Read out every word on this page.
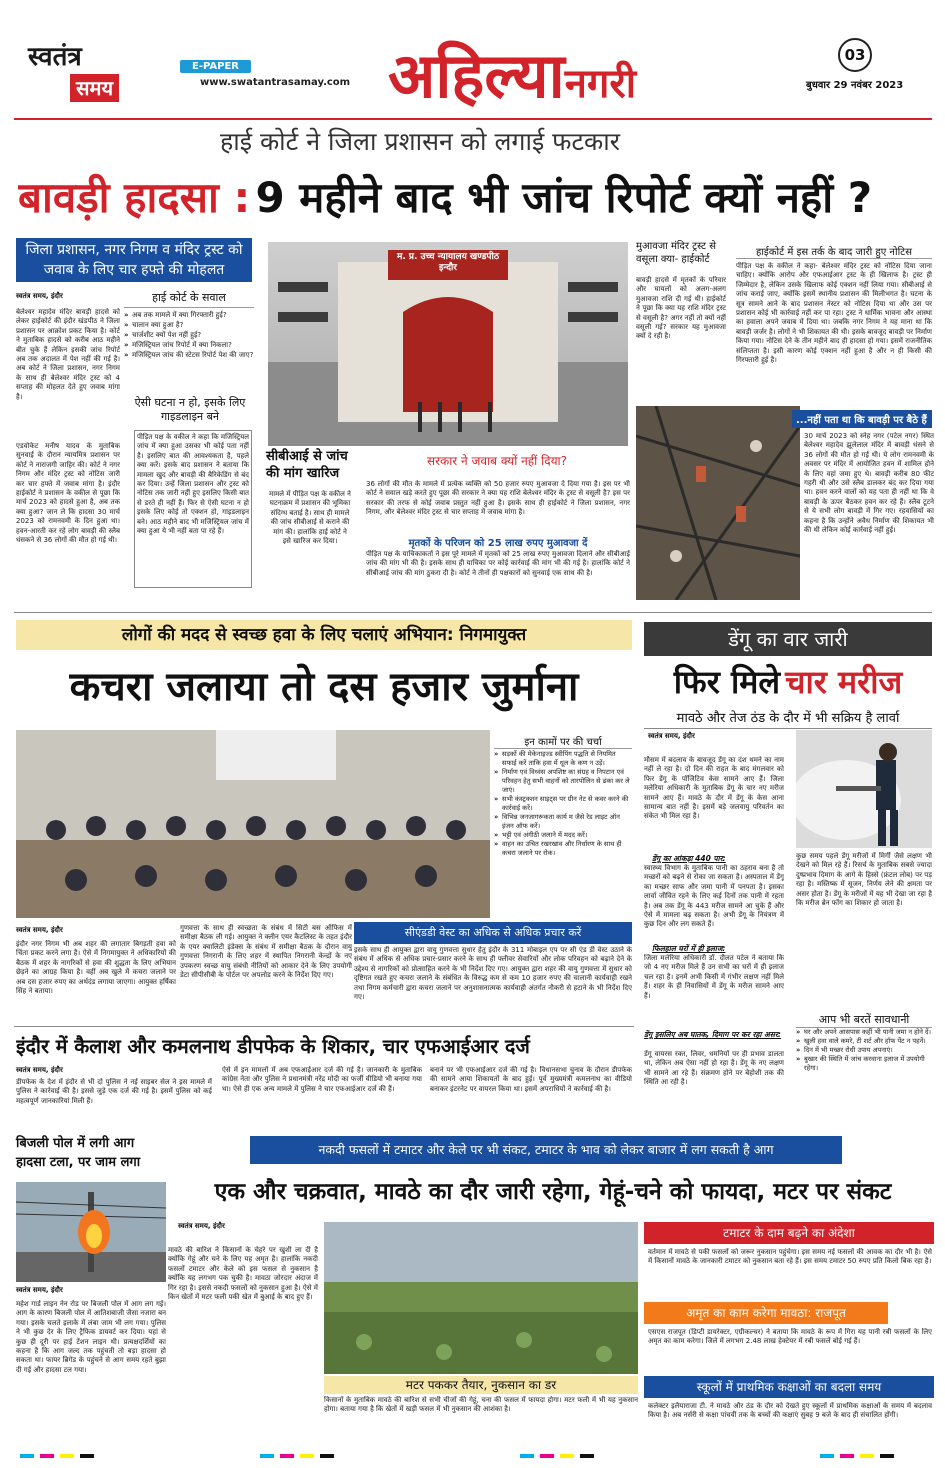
स्वतंत्र
समय
E-PAPER
www.swatantrasamay.com अहिल्यानगरी
03
बुधवार 29 नवंबर 2023
हाई कोर्ट ने जिला प्रशासन को लगाई फटकार
बावड़ी हादसा : 9 महीने बाद भी जांच रिपोर्ट क्यों नहीं ?
जिला प्रशासन, नगर निगम व मंदिर ट्रस्ट को जवाब के लिए चार हफ्ते की मोहलत
स्वतंत्र समय, इंदौर

बेलेश्वर महादेव मंदिर बावड़ी हादसे को लेकर हाईकोर्ट की इंदौर खंडपीठ ने जिला प्रशासन पर आक्रोश प्रकट किया है। कोर्ट ने मुताबिक हादसे को करीब आठ महीने बीत चुके हैं लेकिन इसकी जांच रिपोर्ट अब तक अदालत में पेश नहीं की गई है। अब कोर्ट ने जिला प्रशासन, नगर निगम के साथ ही बेलेश्वर मंदिर ट्रस्ट को 4 सप्ताह की मोहलत देते हुए जवाब मांगा है।

एडवोकेट मनीष यादव के मुताबिक सुनवाई के दौरान न्यायमित्र प्रशासन पर कोर्ट ने नाराजगी जाहिर की। कोर्ट ने नगर निगम और मंदिर ट्रस्ट को नोटिस जारी कर चार हफ्ते में जवाब मांगा है। इंदौर हाईकोर्ट ने प्रशासन के वकील से पूछा कि मार्च 2023 को हादसे हुआ है, अब तक क्या हुआ? जान ले कि हादसा 30 मार्च 2023 को रामनवमी के दिन हुआ था। हवन-आरती कर रहे लोग बावड़ी की स्लैब धंसकने से 36 लोगों की मौत हो गई थी।

हाई कोर्ट के सवाल
» अब तक मामले में क्या गिरफ्तारी हुई?
» चालान क्या हुआ है?
» चार्जशीट क्यों पेश नहीं हुई?
» मजिस्ट्रियल जांच रिपोर्ट में क्या निकला?
» मजिस्ट्रियल जांच की स्टेटस रिपोर्ट पेश की जाए?
ऐसी घटना न हो, इसके लिए गाइडलाइन बने

पीड़ित पक्ष के वकील ने कहा कि मजिस्ट्रियल जांच में क्या हुआ उसका भी कोई पता नहीं है। इसलिए बात की आवश्यकता है, पहले क्या करें। इसके बाद प्रशासन ने बताया कि मामला खुद और बावड़ी की बैरिकेडिंग से बंद कर दिया। उन्हें जिला प्रशासन और ट्रस्ट को नोटिस तक जारी नहीं हुए इसलिए किसी बात से डरते ही नहीं हैं। फिर से ऐसी घटना न हो इसके लिए कोई तो एक्शन हो, गाइडलाइन बने। आठ महीने बाद भी मजिस्ट्रियल जांच में क्या हुआ ये भी नहीं बता पा रहे हैं।

म. प्र. उच्च न्यायालय खण्डपीठ इन्दौर
सीबीआई से जांच की मांग खारिज

मामले में पीड़ित पक्ष के वकील ने घटनाक्रम में प्रशासन की भूमिका संदिग्ध बताई है। साथ ही मामले की जांच सीबीआई से कराने की मांग की। हालांकि हाई कोर्ट ने इसे खारिज कर दिया।

सरकार ने जवाब क्यों नहीं दिया?

36 लोगों की मौत के मामले में प्रत्येक व्यक्ति को 50 हजार रुपए मुआवजा दे दिया गया है। इस पर भी कोर्ट ने सवाल खड़े करते हुए पूछा की सरकार ने क्या यह राशि बेलेश्वर मंदिर के ट्रस्ट से वसूली है? इस पर सरकार की तरफ से कोई जवाब प्रस्तुत नहीं हुआ है। इसके साथ ही हाईकोर्ट ने जिला प्रशासन, नगर निगम, और बेलेश्वर मंदिर ट्रस्ट से चार सप्ताह में जवाब मांगा है।

मृतकों के परिजन को 25 लाख रुपए मुआवजा दें

पीड़ित पक्ष के याचिकाकर्ता ने इस पूरे मामले में मृतकों को 25 लाख रुपए मुआवजा दिलाने और सीबीआई जांच की मांग भी की है। इसके साथ ही याचिका पर कोई कार्रवाई की मांग भी की गई है। हालांकि कोर्ट ने सीबीआई जांच की मांग ठुकरा दी है। कोर्ट ने तीनों ही पक्षकारों को सुनवाई एक साथ की है।

मुआवजा मंदिर ट्रस्ट से वसूला क्या- हाईकोर्ट

बावड़ी हादसे में मृतकों के परिवार और घायलों को अलग-अलग मुआवजा राशि दी गई थी। हाईकोर्ट ने पूछा कि क्या यह राशि मंदिर ट्रस्ट से वसूली है? अगर नहीं तो क्यों नहीं वसूली गई? सरकार यह मुआवजा क्यों दे रही है।

हाईकोर्ट में इस तर्क के बाद जारी हुए नोटिस

पीड़ित पक्ष के वकील ने कहा- बेलेश्वर मंदिर ट्रस्ट को नोटिस दिया जाना चाहिए। क्योंकि आरोप और एफआईआर ट्रस्ट के ही खिलाफ है। ट्रस्ट ही जिम्मेदार है, लेकिन उसके खिलाफ कोई एक्शन नहीं लिया गया। सीबीआई से जांच कराई जाए, क्योंकि इसमें स्थानीय प्रशासन की मिलीभगत है। घटना के सूत्र सामने आने के बाद प्रशासन नेस्टर को नोटिस दिया था और उस पर प्रशासन कोई भी कार्रवाई नहीं कर पा रहा। ट्रस्ट ने धार्मिक भावना और आस्था का हवाला अपने जवाब में दिया था। जबकि नगर निगम ने यह माना था कि बावड़ी जर्जर है। लोगों ने भी शिकायत की थी। इसके बावजूद बावड़ी पर निर्माण किया गया। नोटिस देने के तीन महीने बाद ही हादसा हो गया। इसमें राजनीतिक संलिप्तता है। इसी कारण कोई एक्शन नहीं हुआ है और न ही किसी की गिरफ्तारी हुई है।

...नहीं पता था कि बावड़ी पर बैठे हैं

30 मार्च 2023 को स्नेह नगर (पटेल नगर) स्थित बेलेश्वर महादेव झूलेलाल मंदिर में बावड़ी धंसने से 36 लोगों की मौत हो गई थी। ये लोग रामनवमी के अवसर पर मंदिर में आयोजित हवन में शामिल होने के लिए वहां जमा हुए थे। बावड़ी करीब 80 फीट गहरी थी और उसे स्लैब डालकर बंद कर दिया गया था। हवन करने वालों को यह पता ही नहीं था कि वे बावड़ी के ऊपर बैठकर हवन कर रहे हैं। स्लैब टूटने से ये सभी लोग बावड़ी में गिर गए। रहवासियों का कहना है कि उन्होंने अवैध निर्माण की शिकायत भी की थी लेकिन कोई कार्रवाई नहीं हुई।

लोगों की मदद से स्वच्छ हवा के लिए चलाएं अभियान: निगमायुक्त
कचरा जलाया तो दस हजार जुर्माना
इन कामों पर की चर्चा
» सड़कों की मेकेनाइज्ड स्वीपिंग पद्धति से नियमित सफाई करें ताकि हवा में धूल के कण न उड़ें।
» निर्माण एवं विध्वंस अपशिष्ट का संग्रह व निपटान एवं परिवहन हेतु सभी वाहनों को तारपोलिन से ढंका कर ले जाएं।
» सभी कंस्ट्रक्शन साइट्स पर ग्रीन नेट से कवर करने की कार्रवाई करें।
» विभिन्न जनजागरूकता कार्य म जैसे रेड लाइट ऑन इंजन ऑफ करें।
» भट्टी एवं अंगीठी जलाने में मदद करें।
» वाहन का उचित रखरखाव और निर्धारण के साथ ही कचरा जलाने पर रोक।
स्वतंत्र समय, इंदौर

इंदौर नगर निगम भी अब शहर की लगातार बिगड़ती हवा को चिंता प्रकट करने लगा है। ऐसे में निगमायुक्त ने अधिकारियों की बैठक में शहर के नागरिकों से हवा की शुद्धता के लिए अभियान छेड़ने का आग्रह किया है। वहीं अब खुले में कचरा जलाने पर अब दस हजार रुपए का अर्थदंड लगाया जाएगा। आयुक्त हर्षिका सिंह ने बताया।

गुणवत्ता के साथ ही स्वच्छता के संबंध में सिटी बस ऑफिस में समीक्षा बैठक ली गई। आयुक्त ने क्लीन एयर कैटलिस्ट के तहत इंदौर के एयर क्वालिटी इंडेक्स के संबंध में समीक्षा बैठक के दौरान वायु गुणवत्ता निगरानी के लिए शहर में स्थापित निगरानी केन्द्रों के नए उपकरण स्वच्छ वायु संबंधी नीतियों को आकार देने के लिए उपयोगी डेटा सीपीसीबी के पोर्टल पर अपलोड करने के निर्देश दिए गए।

सीएंडडी वेस्ट का अधिक से अधिक प्रचार करें

इसके साथ ही आयुक्त द्वारा वायु गुणवत्ता सुधार हेतु इंदौर के 311 मोबाइल एप पर सी एंड डी वेस्ट उठाने के संबंध में अधिक से अधिक प्रचार-प्रसार करने के साथ ही फ्लीवर सेवारियों और लोक परिवहन को बढ़ाने देने के उद्देश्य से नागरिकों को प्रोत्साहित करने के भी निर्देश दिए गए। आयुक्त द्वारा शहर की वायु गुणवत्ता में सुधार को दृष्टिगत रखते हुए कचरा जलाने के संबंधित के विरुद्ध कम से कम 10 हजार रुपए की चालानी कार्यवाही रखने तथा निगम कर्मचारी द्वारा कचरा जलाने पर अनुशासनात्मक कार्यवाही अंतर्गत नौकरी से हटाने के भी निर्देश दिए गए।

डेंगू का वार जारी
फिर मिले चार मरीज
मावठे और तेज ठंड के दौर में भी सक्रिय है लार्वा
स्वतंत्र समय, इंदौर

मौसम में बदलाव के बावजूद डेंगू का दंश थमने का नाम नहीं ले रहा है। दो दिन की राहत के बाद मंगलवार को फिर डेंगू के पॉजिटिव केस सामने आए हैं। जिला मलेरिया अधिकारी के मुताबिक डेंगू के चार नए मरीज सामने आए हैं। मावठे के दौर में डेंगू के केस आना सामान्य बात नहीं है। इसमें बड़े जलवायु परिवर्तन का संकेत भी मिल रहा है।

डेंगू का आंकड़ा 440 पार:

स्वास्थ्य विभाग के मुताबिक पानी का ठहराव बना है तो मच्छरों को बढ़ने से रोका जा सकता है। अस्पताल में डेंगू का मच्छर साफ और जमा पानी में पनपता है। इसका लार्वा जीवित रहने के लिए कई दिनों तक पानी में रहता है। अब तक डेंगू के 443 मरीज सामने आ चुके हैं और ऐसे में मामला बढ़ सकता है। अभी डेंगू के नियंत्रण में कुछ दिन और लग सकते हैं।

फिलहाल घरों में ही इलाज:

जिला मलेरिया अधिकारी डॉ. दौलत पटेल ने बताया कि जो 4 नए मरीज मिले हैं उन सभी का घरों में ही इलाज चल रहा है। इनमें अभी किसी में गंभीर लक्षण नहीं मिले हैं। शहर के ही निवासियों में डेंगू के मरीज सामने आए हैं।

डेंगू इसलिए अब घातक, दिमाग पर कर रहा असर:

डेंगू वायरस रक्त, लिवर, धमनियों पर ही प्रभाव डालता था, लेकिन अब ऐसा नहीं हो रहा है। डेंगू के नए लक्षण भी सामने आ रहे हैं। संक्रमण होने पर बेहोशी तक की स्थिति आ रही है।

कुछ समय पहले डेंगू मरीजों में मिर्गी जैसे लक्षण भी देखने को मिल रहे हैं। रिसर्च के मुताबिक सबसे ज्यादा दुष्प्रभाव दिमाग के आगे के हिस्से (फ्रंटल लोब) पर पड़ रहा है। मस्तिष्क में सूजन, निर्णय लेने की क्षमता पर असर होता है। डेंगू के मरीजों में यह भी देखा जा रहा है कि मरीज ब्रेन फॉग का शिकार हो जाता है।

आप भी बरतें सावधानी
» घर और अपने आसपास कहीं भी पानी जमा न होने दें।
» खुली हवा वाले कमरे, टी शर्ट और हॉफ पेंट न पहनें।
» दिन में भी मच्छर रोधी उपाय अपनाएं।
» बुखार की स्थिति में जांच करवाना इलाज में उपयोगी रहेगा।
इंदौर में कैलाश और कमलनाथ डीपफेक के शिकार, चार एफआईआर दर्ज
स्वतंत्र समय, इंदौर

डीपफेक के देश में इंदौर से भी दो पुलिस ने नई साइबर सेल ने इस मामले में पुलिस ने कार्रवाई की है। इससे जुड़े एक दर्ज की गई है। इसमें पुलिस को कई महत्वपूर्ण जानकारियां मिली हैं।

ऐसे में इन मामलों में अब एफआईआर दर्ज की गई है। जानकारी के मुताबिक कांग्रेस नेता और पुलिस ने प्रधानमंत्री नरेंद्र मोदी का फर्जी वीडियो भी बनाया गया था। ऐसे ही एक अन्य मामले में पुलिस ने चार एफआईआर दर्ज की हैं।

बनाने पर भी एफआईआर दर्ज की गई है। विधानसभा चुनाव के दौरान डीपफेक की सामने आया शिकायतों के बाद हुई। पूर्व मुख्यमंत्री कमलनाथ का वीडियो बनाकर इंटरनेट पर वायरल किया था। इसमें अपराधियों ने कार्रवाई की है।

नकदी फसलों में टमाटर और केले पर भी संकट, टमाटर के भाव को लेकर बाजार में लग सकती है आग
एक और चक्रवात, मावठे का दौर जारी रहेगा, गेहूं-चने को फायदा, मटर पर संकट
बिजली पोल में लगी आग हादसा टला, पर जाम लगा
स्वतंत्र समय, इंदौर

महेश गार्ड लाइन नेन रोड पर बिजली पोल में आग लग गई। आग के कारण बिजली पोल में आतिशबाजी जैसा नजारा बन गया। इसके चलते इलाके में लंबा जाम भी लग गया। पुलिस ने भी कुछ देर के लिए ट्रैफिक डायवर्ट कर दिया। यहां से कुछ ही दूरी पर हाई टेंशन लाइन थी। प्रत्यक्षदर्शियों का कहना है कि आग जल्द तक पहुंचती तो बड़ा हादसा हो सकता था। फायर ब्रिगेड के पहुंचने से आग समय रहते बुझा दी गई और हादसा टल गया।

स्वतंत्र समय, इंदौर

मावठे की बारिश ने किसानों के चेहरे पर खुशी ला दी है क्योंकि गेहूं और चने के लिए यह अमृत है। हालांकि नकदी फसलों टमाटर और केले को इस फसल से नुकसान है क्योंकि यह लगभग पक चुकी है। मावठा जोरदार अंदाज में गिर रहा है। इससे नकदी फसलों को नुकसान हुआ है। ऐसे में किन खेतों में मटर फली पकी खेत में बुआई के बाद हुए हैं।

मटर पककर तैयार, नुकसान का डर

किसानों के मुताबिक मावठे की बारिश से सभी चीजों की गेहूं, चना की फसल में फायदा होगा। मटर फली में भी यह नुकसान होगा। बताया गया है कि खेतों में खड़ी फसल में भी नुकसान की आशंका है।

टमाटर के दाम बढ़ने का अंदेशा

वर्तमान में मावठे से पकी फसलों को जरूर नुकसान पहुंचेगा। इस समय नई फसलों की आवक का दौर भी है। ऐसे में किसानों मावठे के जानकारी टमाटर को नुकसान बता रहे हैं। इस समय टमाटर 50 रुपए प्रति किलो बिक रहा है।

अमृत का काम करेगा मावठा: राजपूत

एसएस राजपूत (डिप्टी डायरेक्टर, एग्रीकल्चर) ने बताया कि मावठे के रूप में गिरा यह पानी रबी फसलों के लिए अमृत का काम करेगा। जिले में लगभग 2.48 लाख हेक्टेयर में रबी फसलें बोई गई हैं।

स्कूलों में प्राथमिक कक्षाओं का बदला समय

कलेक्टर इलैयाराजा टी. ने मावठे और ठंड के दौर को देखते हुए स्कूलों में प्राथमिक कक्षाओं के समय में बदलाव किया है। अब नर्सरी से कक्षा पांचवीं तक के बच्चों की कक्षाएं सुबह 9 बजे के बाद ही संचालित होंगी।
